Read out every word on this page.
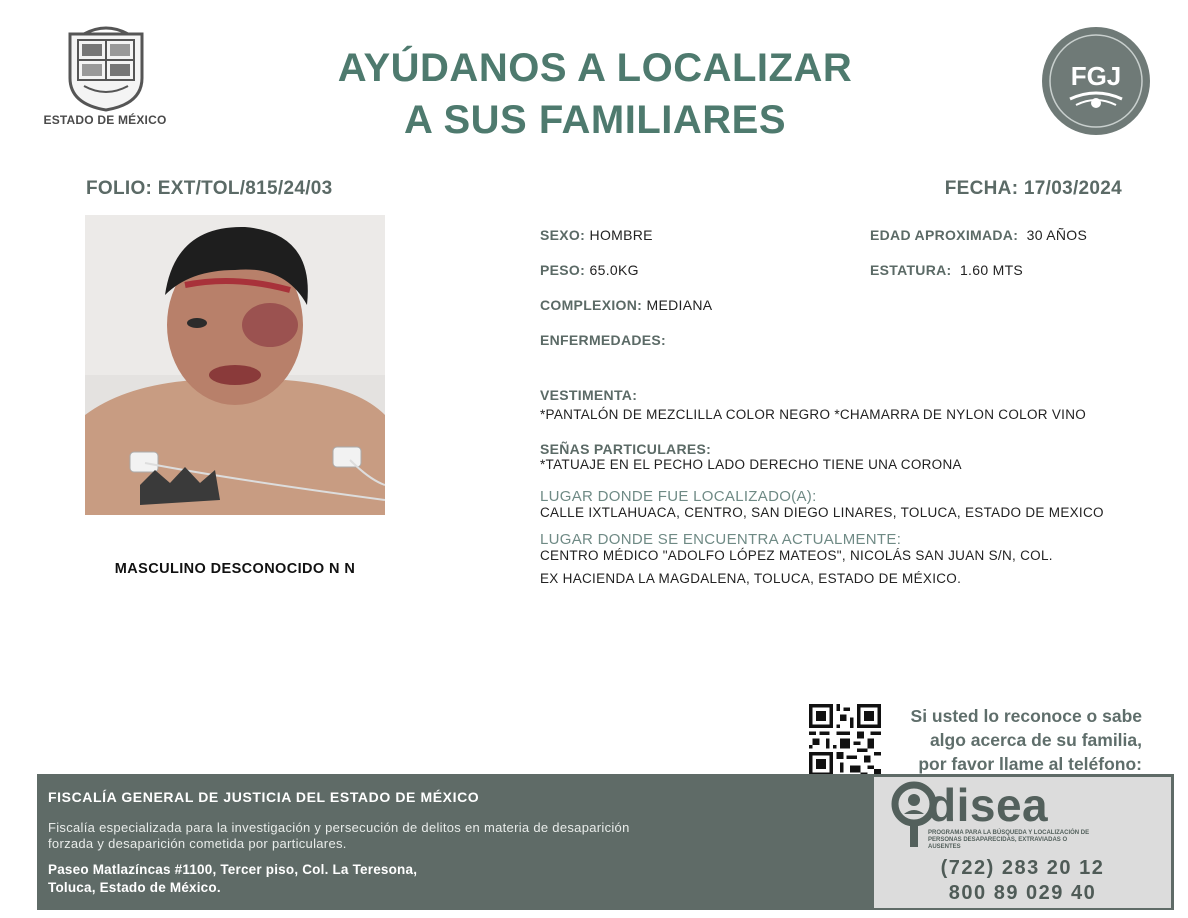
ESTADO DE MÉXICO
AYÚDANOS A LOCALIZAR
A SUS FAMILIARES
FGJ
FOLIO: EXT/TOL/815/24/03	FECHA: 17/03/2024
MASCULINO DESCONOCIDO N N
SEXO: HOMBRE	EDAD APROXIMADA: 30 AÑOS
PESO: 65.0KG	ESTATURA: 1.60 MTS
COMPLEXION: MEDIANA
ENFERMEDADES:
VESTIMENTA:
*PANTALÓN DE MEZCLILLA COLOR NEGRO *CHAMARRA DE NYLON COLOR VINO
SEÑAS PARTICULARES:
*TATUAJE EN EL PECHO LADO DERECHO TIENE UNA CORONA
LUGAR DONDE FUE LOCALIZADO(A):
CALLE IXTLAHUACA, CENTRO, SAN DIEGO LINARES, TOLUCA, ESTADO DE MEXICO
LUGAR DONDE SE ENCUENTRA ACTUALMENTE:
CENTRO MÉDICO "ADOLFO LÓPEZ MATEOS", NICOLÁS SAN JUAN S/N, COL.
EX HACIENDA LA MAGDALENA, TOLUCA, ESTADO DE MÉXICO.
Si usted lo reconoce o sabe
algo acerca de su familia,
por favor llame al teléfono:
FISCALÍA GENERAL DE JUSTICIA DEL ESTADO DE MÉXICO
Fiscalía especializada para la investigación y persecución de delitos en materia de desaparición forzada y desaparición cometida por particulares.
Paseo Matlazíncas #1100, Tercer piso, Col. La Teresona,
Toluca, Estado de México.
disea
PROGRAMA PARA LA BÚSQUEDA Y LOCALIZACIÓN DE PERSONAS DESAPARECIDAS, EXTRAVIADAS O AUSENTES
(722) 283 20 12
800 89 029 40
